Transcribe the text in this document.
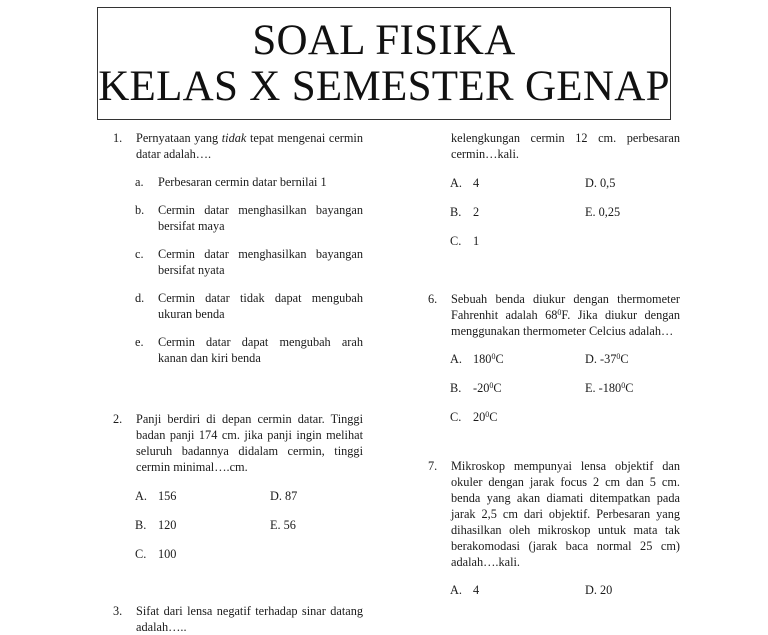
SOAL FISIKA
KELAS X SEMESTER GENAP
1. Pernyataan yang tidak tepat mengenai cermin datar adalah….
a. Perbesaran cermin datar bernilai 1
b. Cermin datar menghasilkan bayangan bersifat maya
c. Cermin datar menghasilkan bayangan bersifat nyata
d. Cermin datar tidak dapat mengubah ukuran benda
e. Cermin datar dapat mengubah arah kanan dan kiri benda
2. Panji berdiri di depan cermin datar. Tinggi badan panji 174 cm. jika panji ingin melihat seluruh badannya didalam cermin, tinggi cermin minimal….cm.
A. 156	D. 87
B. 120	E. 56
C. 100
3. Sifat dari lensa negatif terhadap sinar datang adalah…..
kelengkungan cermin 12 cm. perbesaran cermin…kali.
A. 4	D. 0,5
B. 2	E. 0,25
C. 1
6. Sebuah benda diukur dengan thermometer Fahrenhit adalah $68^0F$. Jika diukur dengan menggunakan thermometer Celcius adalah…
A. $180^0C$	D. $-37^0C$
B. $-20^0C$	E. $-180^0C$
C. $20^0C$
7. Mikroskop mempunyai lensa objektif dan okuler dengan jarak focus 2 cm dan 5 cm. benda yang akan diamati ditempatkan pada jarak 2,5 cm dari objektif. Perbesaran yang dihasilkan oleh mikroskop untuk mata tak berakomodasi (jarak baca normal 25 cm) adalah….kali.
A. 4	D. 20
